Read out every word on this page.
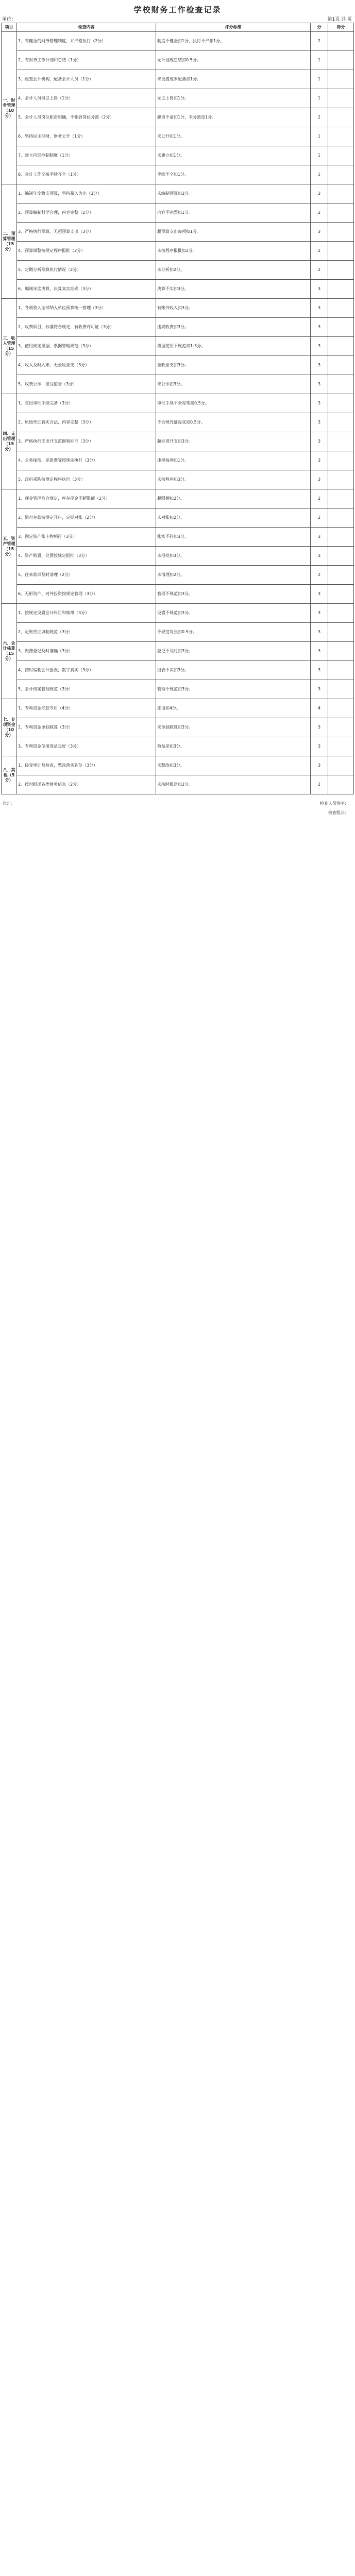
学校财务工作检查记录
单位：	第1页 共 页
项目	检查内容	评分标准	分	得分
一、财务管理（10分）	1、有健全的财务管理制度，并严格执行（2分）	制度不健全扣1分，执行不严扣1分。	2	
	2、有财务工作计划和总结（1分）	无计划或总结扣0.5分。	1	
	3、设置会计机构，配备会计人员（1分）	未设置或未配备扣1分。	1	
	4、会计人员持证上岗（1分）	无证上岗扣1分。	1	
	5、会计人员岗位职责明确，不相容岗位分离（2分）	职责不清扣1分，未分离扣1分。	2	
	6、坚持民主理财，财务公开（1分）	未公开扣1分。	1	
	7、建立内部控制制度（1分）	未建立扣1分。	1	
	8、会计工作交接手续齐全（1分）	手续不全扣1分。	1	
二、预算管理（15分）	1、编制年度收支预算，坚持量入为出（3分）	未编制预算扣3分。	3	
	2、预算编制科学合理，内容完整（2分）	内容不完整扣1分。	2	
	3、严格执行预算，无超预算支出（3分）	超预算支出每项扣1分。	3	
	4、预算调整按规定程序报批（2分）	未按程序报批扣2分。	2	
	5、定期分析预算执行情况（2分）	未分析扣2分。	2	
	6、编制年度决算，决算真实准确（3分）	决算不实扣3分。	3	
三、收入管理（15分）	1、各项收入全部纳入单位预算统一管理（3分）	有账外收入扣3分。	3	
	2、收费项目、标准符合规定，有收费许可证（3分）	违规收费扣3分。	3	
	3、使用规定票据，票据管理规范（3分）	票据使用不规范扣1-3分。	3	
	4、收入及时入账，无坐收坐支（3分）	坐收坐支扣3分。	3	
	5、收费公示，接受监督（3分）	未公示扣3分。	3	
四、支出管理（15分）	1、支出审批手续完备（3分）	审批手续不全每笔扣0.5分。	3	
	2、原始凭证真实合法，内容完整（3分）	不合规凭证每张扣0.5分。	3	
	3、严格执行支出开支范围和标准（3分）	超标准开支扣3分。	3	
	4、公务接待、差旅费等按规定执行（3分）	违规每项扣1分。	3	
	5、政府采购按规定程序执行（3分）	未按程序扣3分。	3	
五、资产管理（15分）	1、现金管理符合规定，库存现金不超限额（2分）	超限额扣2分。	2	
	2、银行存款按规定开户，定期对账（2分）	未对账扣2分。	2	
	3、固定资产账卡物相符（3分）	账实不符扣3分。	3	
	4、资产购置、处置按规定报批（3分）	未报批扣3分。	3	
	5、往来款项及时清理（2分）	未清理扣2分。	2	
	6、无形资产、对外投资按规定管理（3分）	管理不规范扣3分。	3	
六、会计核算（15分）	1、按规定设置会计科目和账簿（3分）	设置不规范扣3分。	3	
	2、记账凭证填制规范（3分）	不规范每张扣0.5分。	3	
	3、账簿登记及时准确（3分）	登记不及时扣3分。	3	
	4、按时编制会计报表，数字真实（3分）	报表不实扣3分。	3	
	5、会计档案管理规范（3分）	管理不规范扣3分。	3	
七、专项资金（10分）	1、专项资金专款专用（4分）	挪用扣4分。	4	
	2、专项资金单独核算（3分）	未单独核算扣3分。	3	
	3、专项资金使用效益良好（3分）	效益差扣3分。	3	
八、其他（5分）	1、接受审计及检查，整改落实到位（3分）	未整改扣3分。	3	
	2、按时报送各类财务信息（2分）	未按时报送扣2分。	2	
合计：	检查人员签字：
检查组长：
